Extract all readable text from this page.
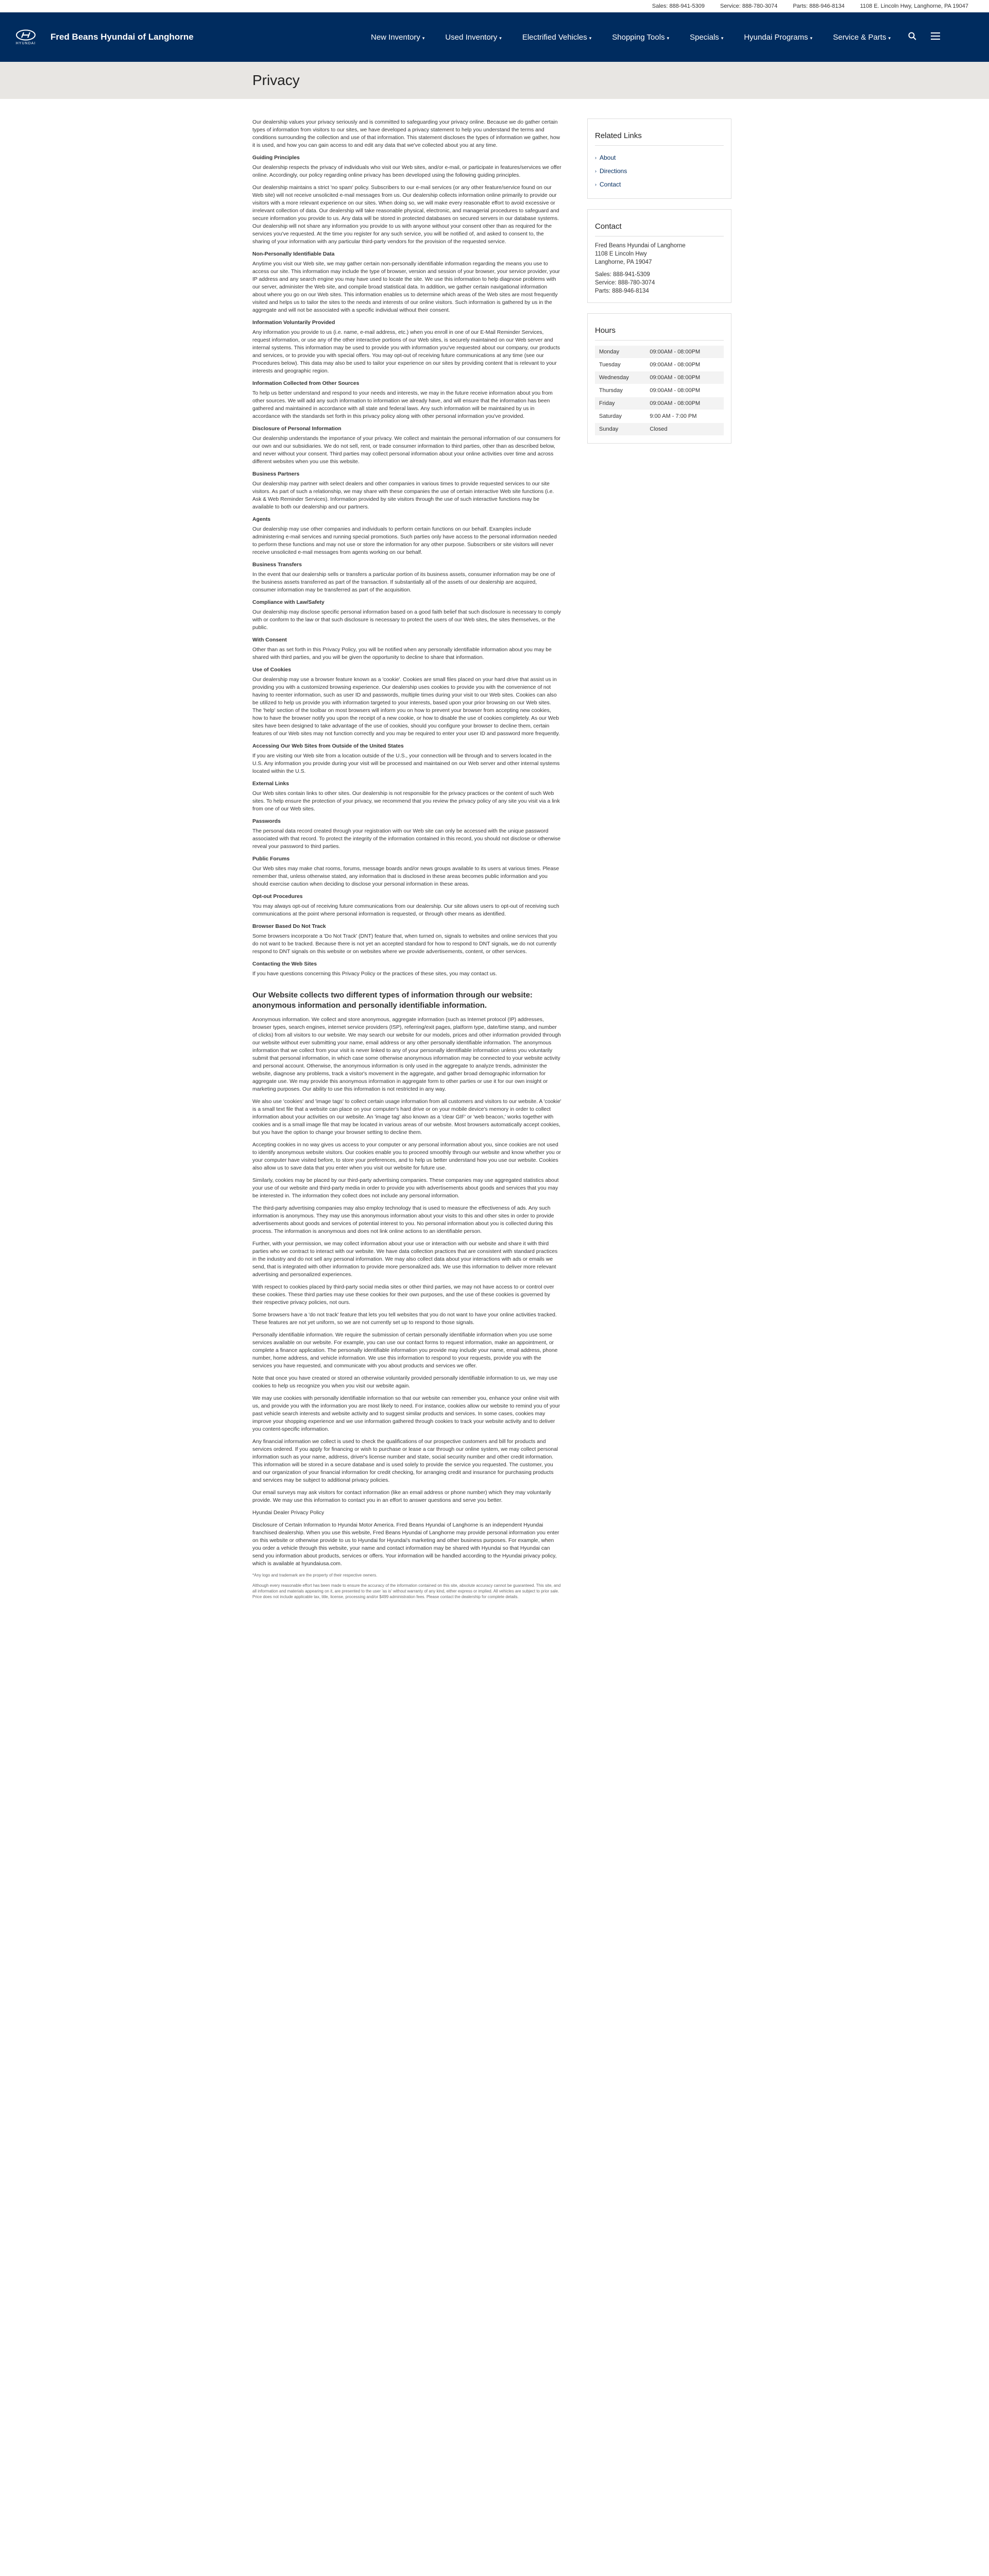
Sales: 888-941-5309	Service: 888-780-3074	Parts: 888-946-8134	1108 E. Lincoln Hwy, Langhorne, PA 19047
HYUNDAI
Fred Beans Hyundai of Langhorne	New Inventory ▾	Used Inventory ▾	Electrified Vehicles ▾	Shopping Tools ▾	Specials ▾	Hyundai Programs ▾	Service & Parts ▾
Privacy

Our dealership values your privacy seriously and is committed to safeguarding your privacy online. Because we do gather certain types of information from visitors to our sites, we have developed a privacy statement to help you understand the terms and conditions surrounding the collection and use of that information. This statement discloses the types of information we gather, how it is used, and how you can gain access to and edit any data that we've collected about you at any time.

Guiding Principles

Our dealership respects the privacy of individuals who visit our Web sites, and/or e-mail, or participate in features/services we offer online. Accordingly, our policy regarding online privacy has been developed using the following guiding principles.

Our dealership maintains a strict 'no spam' policy. Subscribers to our e-mail services (or any other feature/service found on our Web site) will not receive unsolicited e-mail messages from us. Our dealership collects information online primarily to provide our visitors with a more relevant experience on our sites. When doing so, we will make every reasonable effort to avoid excessive or irrelevant collection of data. Our dealership will take reasonable physical, electronic, and managerial procedures to safeguard and secure information you provide to us. Any data will be stored in protected databases on secured servers in our database systems. Our dealership will not share any information you provide to us with anyone without your consent other than as required for the services you've requested. At the time you register for any such service, you will be notified of, and asked to consent to, the sharing of your information with any particular third-party vendors for the provision of the requested service.

Non-Personally Identifiable Data

Anytime you visit our Web site, we may gather certain non-personally identifiable information regarding the means you use to access our site. This information may include the type of browser, version and session of your browser, your service provider, your IP address and any search engine you may have used to locate the site. We use this information to help diagnose problems with our server, administer the Web site, and compile broad statistical data. In addition, we gather certain navigational information about where you go on our Web sites. This information enables us to determine which areas of the Web sites are most frequently visited and helps us to tailor the sites to the needs and interests of our online visitors. Such information is gathered by us in the aggregate and will not be associated with a specific individual without their consent.

Information Voluntarily Provided

Any information you provide to us (i.e. name, e-mail address, etc.) when you enroll in one of our E-Mail Reminder Services, request information, or use any of the other interactive portions of our Web sites, is securely maintained on our Web server and internal systems. This information may be used to provide you with information you've requested about our company, our products and services, or to provide you with special offers. You may opt-out of receiving future communications at any time (see our Procedures below). This data may also be used to tailor your experience on our sites by providing content that is relevant to your interests and geographic region.

Information Collected from Other Sources

To help us better understand and respond to your needs and interests, we may in the future receive information about you from other sources. We will add any such information to information we already have, and will ensure that the information has been gathered and maintained in accordance with all state and federal laws. Any such information will be maintained by us in accordance with the standards set forth in this privacy policy along with other personal information you've provided.

Disclosure of Personal Information

Our dealership understands the importance of your privacy. We collect and maintain the personal information of our consumers for our own and our subsidiaries. We do not sell, rent, or trade consumer information to third parties, other than as described below, and never without your consent. Third parties may collect personal information about your online activities over time and across different websites when you use this website.

Business Partners

Our dealership may partner with select dealers and other companies in various times to provide requested services to our site visitors. As part of such a relationship, we may share with these companies the use of certain interactive Web site functions (i.e. Ask & Web Reminder Services). Information provided by site visitors through the use of such interactive functions may be available to both our dealership and our partners.

Agents

Our dealership may use other companies and individuals to perform certain functions on our behalf. Examples include administering e-mail services and running special promotions. Such parties only have access to the personal information needed to perform these functions and may not use or store the information for any other purpose. Subscribers or site visitors will never receive unsolicited e-mail messages from agents working on our behalf.

Business Transfers

In the event that our dealership sells or transfers a particular portion of its business assets, consumer information may be one of the business assets transferred as part of the transaction. If substantially all of the assets of our dealership are acquired, consumer information may be transferred as part of the acquisition.

Compliance with Law/Safety

Our dealership may disclose specific personal information based on a good faith belief that such disclosure is necessary to comply with or conform to the law or that such disclosure is necessary to protect the users of our Web sites, the sites themselves, or the public.

With Consent

Other than as set forth in this Privacy Policy, you will be notified when any personally identifiable information about you may be shared with third parties, and you will be given the opportunity to decline to share that information.

Use of Cookies

Our dealership may use a browser feature known as a 'cookie'. Cookies are small files placed on your hard drive that assist us in providing you with a customized browsing experience. Our dealership uses cookies to provide you with the convenience of not having to reenter information, such as user ID and passwords, multiple times during your visit to our Web sites. Cookies can also be utilized to help us provide you with information targeted to your interests, based upon your prior browsing on our Web sites. The 'help' section of the toolbar on most browsers will inform you on how to prevent your browser from accepting new cookies, how to have the browser notify you upon the receipt of a new cookie, or how to disable the use of cookies completely. As our Web sites have been designed to take advantage of the use of cookies, should you configure your browser to decline them, certain features of our Web sites may not function correctly and you may be required to enter your user ID and password more frequently.

Accessing Our Web Sites from Outside of the United States

If you are visiting our Web site from a location outside of the U.S., your connection will be through and to servers located in the U.S. Any information you provide during your visit will be processed and maintained on our Web server and other internal systems located within the U.S.

External Links

Our Web sites contain links to other sites. Our dealership is not responsible for the privacy practices or the content of such Web sites. To help ensure the protection of your privacy, we recommend that you review the privacy policy of any site you visit via a link from one of our Web sites.

Passwords

The personal data record created through your registration with our Web site can only be accessed with the unique password associated with that record. To protect the integrity of the information contained in this record, you should not disclose or otherwise reveal your password to third parties.

Public Forums

Our Web sites may make chat rooms, forums, message boards and/or news groups available to its users at various times. Please remember that, unless otherwise stated, any information that is disclosed in these areas becomes public information and you should exercise caution when deciding to disclose your personal information in these areas.

Opt-out Procedures

You may always opt-out of receiving future communications from our dealership. Our site allows users to opt-out of receiving such communications at the point where personal information is requested, or through other means as identified.

Browser Based Do Not Track

Some browsers incorporate a 'Do Not Track' (DNT) feature that, when turned on, signals to websites and online services that you do not want to be tracked. Because there is not yet an accepted standard for how to respond to DNT signals, we do not currently respond to DNT signals on this website or on websites where we provide advertisements, content, or other services.

Contacting the Web Sites

If you have questions concerning this Privacy Policy or the practices of these sites, you may contact us.

Our Website collects two different types of information through our website: anonymous information and personally identifiable information.

Anonymous information. We collect and store anonymous, aggregate information (such as Internet protocol (IP) addresses, browser types, search engines, internet service providers (ISP), referring/exit pages, platform type, date/time stamp, and number of clicks) from all visitors to our website. We may search our website for our models, prices and other information provided through our website without ever submitting your name, email address or any other personally identifiable information. The anonymous information that we collect from your visit is never linked to any of your personally identifiable information unless you voluntarily submit that personal information, in which case some otherwise anonymous information may be connected to your website activity and personal account. Otherwise, the anonymous information is only used in the aggregate to analyze trends, administer the website, diagnose any problems, track a visitor's movement in the aggregate, and gather broad demographic information for aggregate use. We may provide this anonymous information in aggregate form to other parties or use it for our own insight or marketing purposes. Our ability to use this information is not restricted in any way.

We also use 'cookies' and 'image tags' to collect certain usage information from all customers and visitors to our website. A 'cookie' is a small text file that a website can place on your computer's hard drive or on your mobile device's memory in order to collect information about your activities on our website. An 'image tag' also known as a 'clear GIF' or 'web beacon,' works together with cookies and is a small image file that may be located in various areas of our website. Most browsers automatically accept cookies, but you have the option to change your browser setting to decline them.

Accepting cookies in no way gives us access to your computer or any personal information about you, since cookies are not used to identify anonymous website visitors. Our cookies enable you to proceed smoothly through our website and know whether you or your computer have visited before, to store your preferences, and to help us better understand how you use our website. Cookies also allow us to save data that you enter when you visit our website for future use.

Similarly, cookies may be placed by our third-party advertising companies. These companies may use aggregated statistics about your use of our website and third-party media in order to provide you with advertisements about goods and services that you may be interested in. The information they collect does not include any personal information.

The third-party advertising companies may also employ technology that is used to measure the effectiveness of ads. Any such information is anonymous. They may use this anonymous information about your visits to this and other sites in order to provide advertisements about goods and services of potential interest to you. No personal information about you is collected during this process. The information is anonymous and does not link online actions to an identifiable person.

Further, with your permission, we may collect information about your use or interaction with our website and share it with third parties who we contract to interact with our website. We have data collection practices that are consistent with standard practices in the industry and do not sell any personal information. We may also collect data about your interactions with ads or emails we send, that is integrated with other information to provide more personalized ads. We use this information to deliver more relevant advertising and personalized experiences.

With respect to cookies placed by third-party social media sites or other third parties, we may not have access to or control over these cookies. These third parties may use these cookies for their own purposes, and the use of these cookies is governed by their respective privacy policies, not ours.

Some browsers have a 'do not track' feature that lets you tell websites that you do not want to have your online activities tracked. These features are not yet uniform, so we are not currently set up to respond to those signals.

Personally identifiable information. We require the submission of certain personally identifiable information when you use some services available on our website. For example, you can use our contact forms to request information, make an appointment, or complete a finance application. The personally identifiable information you provide may include your name, email address, phone number, home address, and vehicle information. We use this information to respond to your requests, provide you with the services you have requested, and communicate with you about products and services we offer.

Note that once you have created or stored an otherwise voluntarily provided personally identifiable information to us, we may use cookies to help us recognize you when you visit our website again.

We may use cookies with personally identifiable information so that our website can remember you, enhance your online visit with us, and provide you with the information you are most likely to need. For instance, cookies allow our website to remind you of your past vehicle search interests and website activity and to suggest similar products and services. In some cases, cookies may improve your shopping experience and we use information gathered through cookies to track your website activity and to deliver you content-specific information.

Any financial information we collect is used to check the qualifications of our prospective customers and bill for products and services ordered. If you apply for financing or wish to purchase or lease a car through our online system, we may collect personal information such as your name, address, driver's license number and state, social security number and other credit information. This information will be stored in a secure database and is used solely to provide the service you requested. The customer, you and our organization of your financial information for credit checking, for arranging credit and insurance for purchasing products and services may be subject to additional privacy policies.

Our email surveys may ask visitors for contact information (like an email address or phone number) which they may voluntarily provide. We may use this information to contact you in an effort to answer questions and serve you better.

Hyundai Dealer Privacy Policy

Disclosure of Certain Information to Hyundai Motor America. Fred Beans Hyundai of Langhorne is an independent Hyundai franchised dealership. When you use this website, Fred Beans Hyundai of Langhorne may provide personal information you enter on this website or otherwise provide to us to Hyundai for Hyundai's marketing and other business purposes. For example, when you order a vehicle through this website, your name and contact information may be shared with Hyundai so that Hyundai can send you information about products, services or offers. Your information will be handled according to the Hyundai privacy policy, which is available at hyundaiusa.com.

*Any logo and trademark are the property of their respective owners.

Although every reasonable effort has been made to ensure the accuracy of the information contained on this site, absolute accuracy cannot be guaranteed. This site, and all information and materials appearing on it, are presented to the user 'as is' without warranty of any kind, either express or implied. All vehicles are subject to prior sale. Price does not include applicable tax, title, license, processing and/or $499 administration fees. Please contact the dealership for complete details.

Related Links
› About
› Directions
› Contact
Contact

Fred Beans Hyundai of Langhorne

1108 E Lincoln Hwy

Langhorne, PA 19047

Sales: 888-941-5309

Service: 888-780-3074

Parts: 888-946-8134

Hours
Monday	09:00AM - 08:00PM
Tuesday	09:00AM - 08:00PM
Wednesday	09:00AM - 08:00PM
Thursday	09:00AM - 08:00PM
Friday	09:00AM - 08:00PM
Saturday	9:00 AM - 7:00 PM
Sunday	Closed
